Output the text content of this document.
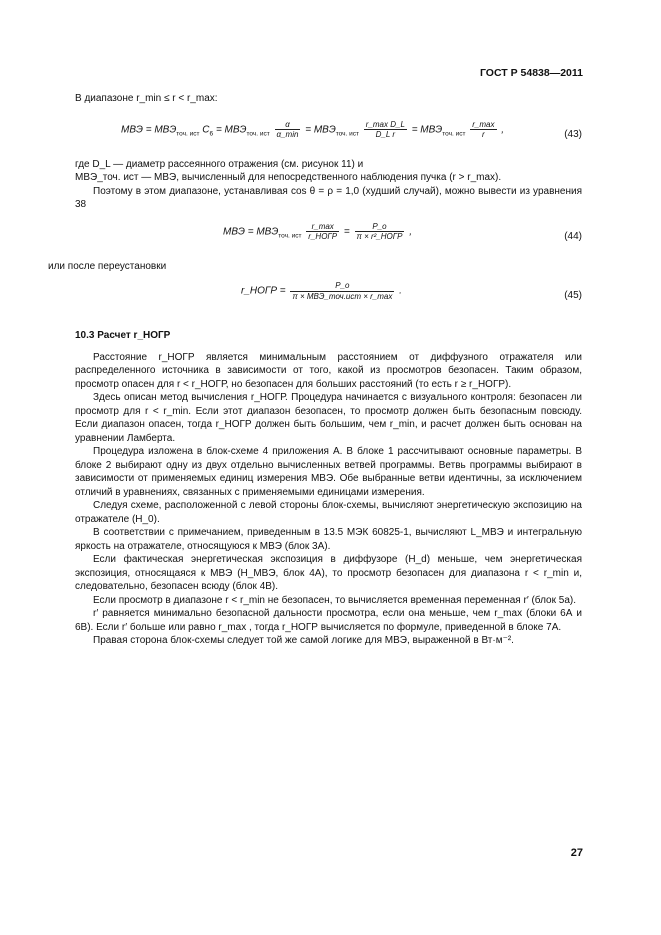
ГОСТ Р 54838—2011

В диапазоне r_min ≤ r < r_max:

МВЭ = $МВЭ_{точ. ист}$ $C_6 = МВЭ_{точ. ист} \frac{\alpha}{\alpha\_\min} = МВЭ_{точ. ист} \frac{\text{r\_max D\_L}}{\text{D\_L r}} = МВЭ_{точ. ист} \frac{r\_\max}{r}$ ,	(43)

где D_L — диаметр рассеянного отражения (см. рисунок 11) и

МВЭ_точ. ист — МВЭ, вычисленный для непосредственного наблюдения пучка (r > r_max).

Поэтому в этом диапазоне, устанавливая cos θ = ρ = 1,0 (худший случай), можно вывести из уравнения 38

МВЭ = $МВЭ_{точ. ист} \frac{r\_\max}{\text{r\_НОГР}} = \frac{P\_o}{\text{π × r²\_НОГР}}$ ,	(44)

или после переустановки

r_НОГР = $\frac{P\_o}{\text{π × МВЭ\_точ.ист × r\_max}}$ .	(45)

10.3 Расчет r_НОГР

Расстояние r_НОГР является минимальным расстоянием от диффузного отражателя или распределенного источника в зависимости от того, какой из просмотров безопасен. Таким образом, просмотр опасен для r < r_НОГР, но безопасен для больших расстояний (то есть r ≥ r_НОГР).

Здесь описан метод вычисления r_НОГР. Процедура начинается с визуального контроля: безопасен ли просмотр для r < r_min. Если этот диапазон безопасен, то просмотр должен быть безопасным повсюду. Если диапазон опасен, тогда r_НОГР должен быть большим, чем r_min, и расчет должен быть основан на уравнении Ламберта.

Процедура изложена в блок-схеме 4 приложения А. В блоке 1 рассчитывают основные параметры. В блоке 2 выбирают одну из двух отдельно вычисленных ветвей программы. Ветвь программы выбирают в зависимости от применяемых единиц измерения МВЭ. Обе выбранные ветви идентичны, за исключением отличий в уравнениях, связанных с применяемыми единицами измерения.

Следуя схеме, расположенной с левой стороны блок-схемы, вычисляют энергетическую экспозицию на отражателе (H_0).

В соответствии с примечанием, приведенным в 13.5 МЭК 60825-1, вычисляют L_МВЭ и интегральную яркость на отражателе, относящуюся к МВЭ (блок 3А).

Если фактическая энергетическая экспозиция в диффузоре (H_d) меньше, чем энергетическая экспозиция, относящаяся к МВЭ (H_МВЭ, блок 4А), то просмотр безопасен для диапазона r < r_min и, следовательно, безопасен всюду (блок 4В).

Если просмотр в диапазоне r < r_min не безопасен, то вычисляется временная переменная r′ (блок 5а).

r′ равняется минимально безопасной дальности просмотра, если она меньше, чем r_max (блоки 6А и 6В). Если r′ больше или равно r_max , тогда r_НОГР вычисляется по формуле, приведенной в блоке 7А.

Правая сторона блок-схемы следует той же самой логике для МВЭ, выраженной в Вт·м⁻².

27
